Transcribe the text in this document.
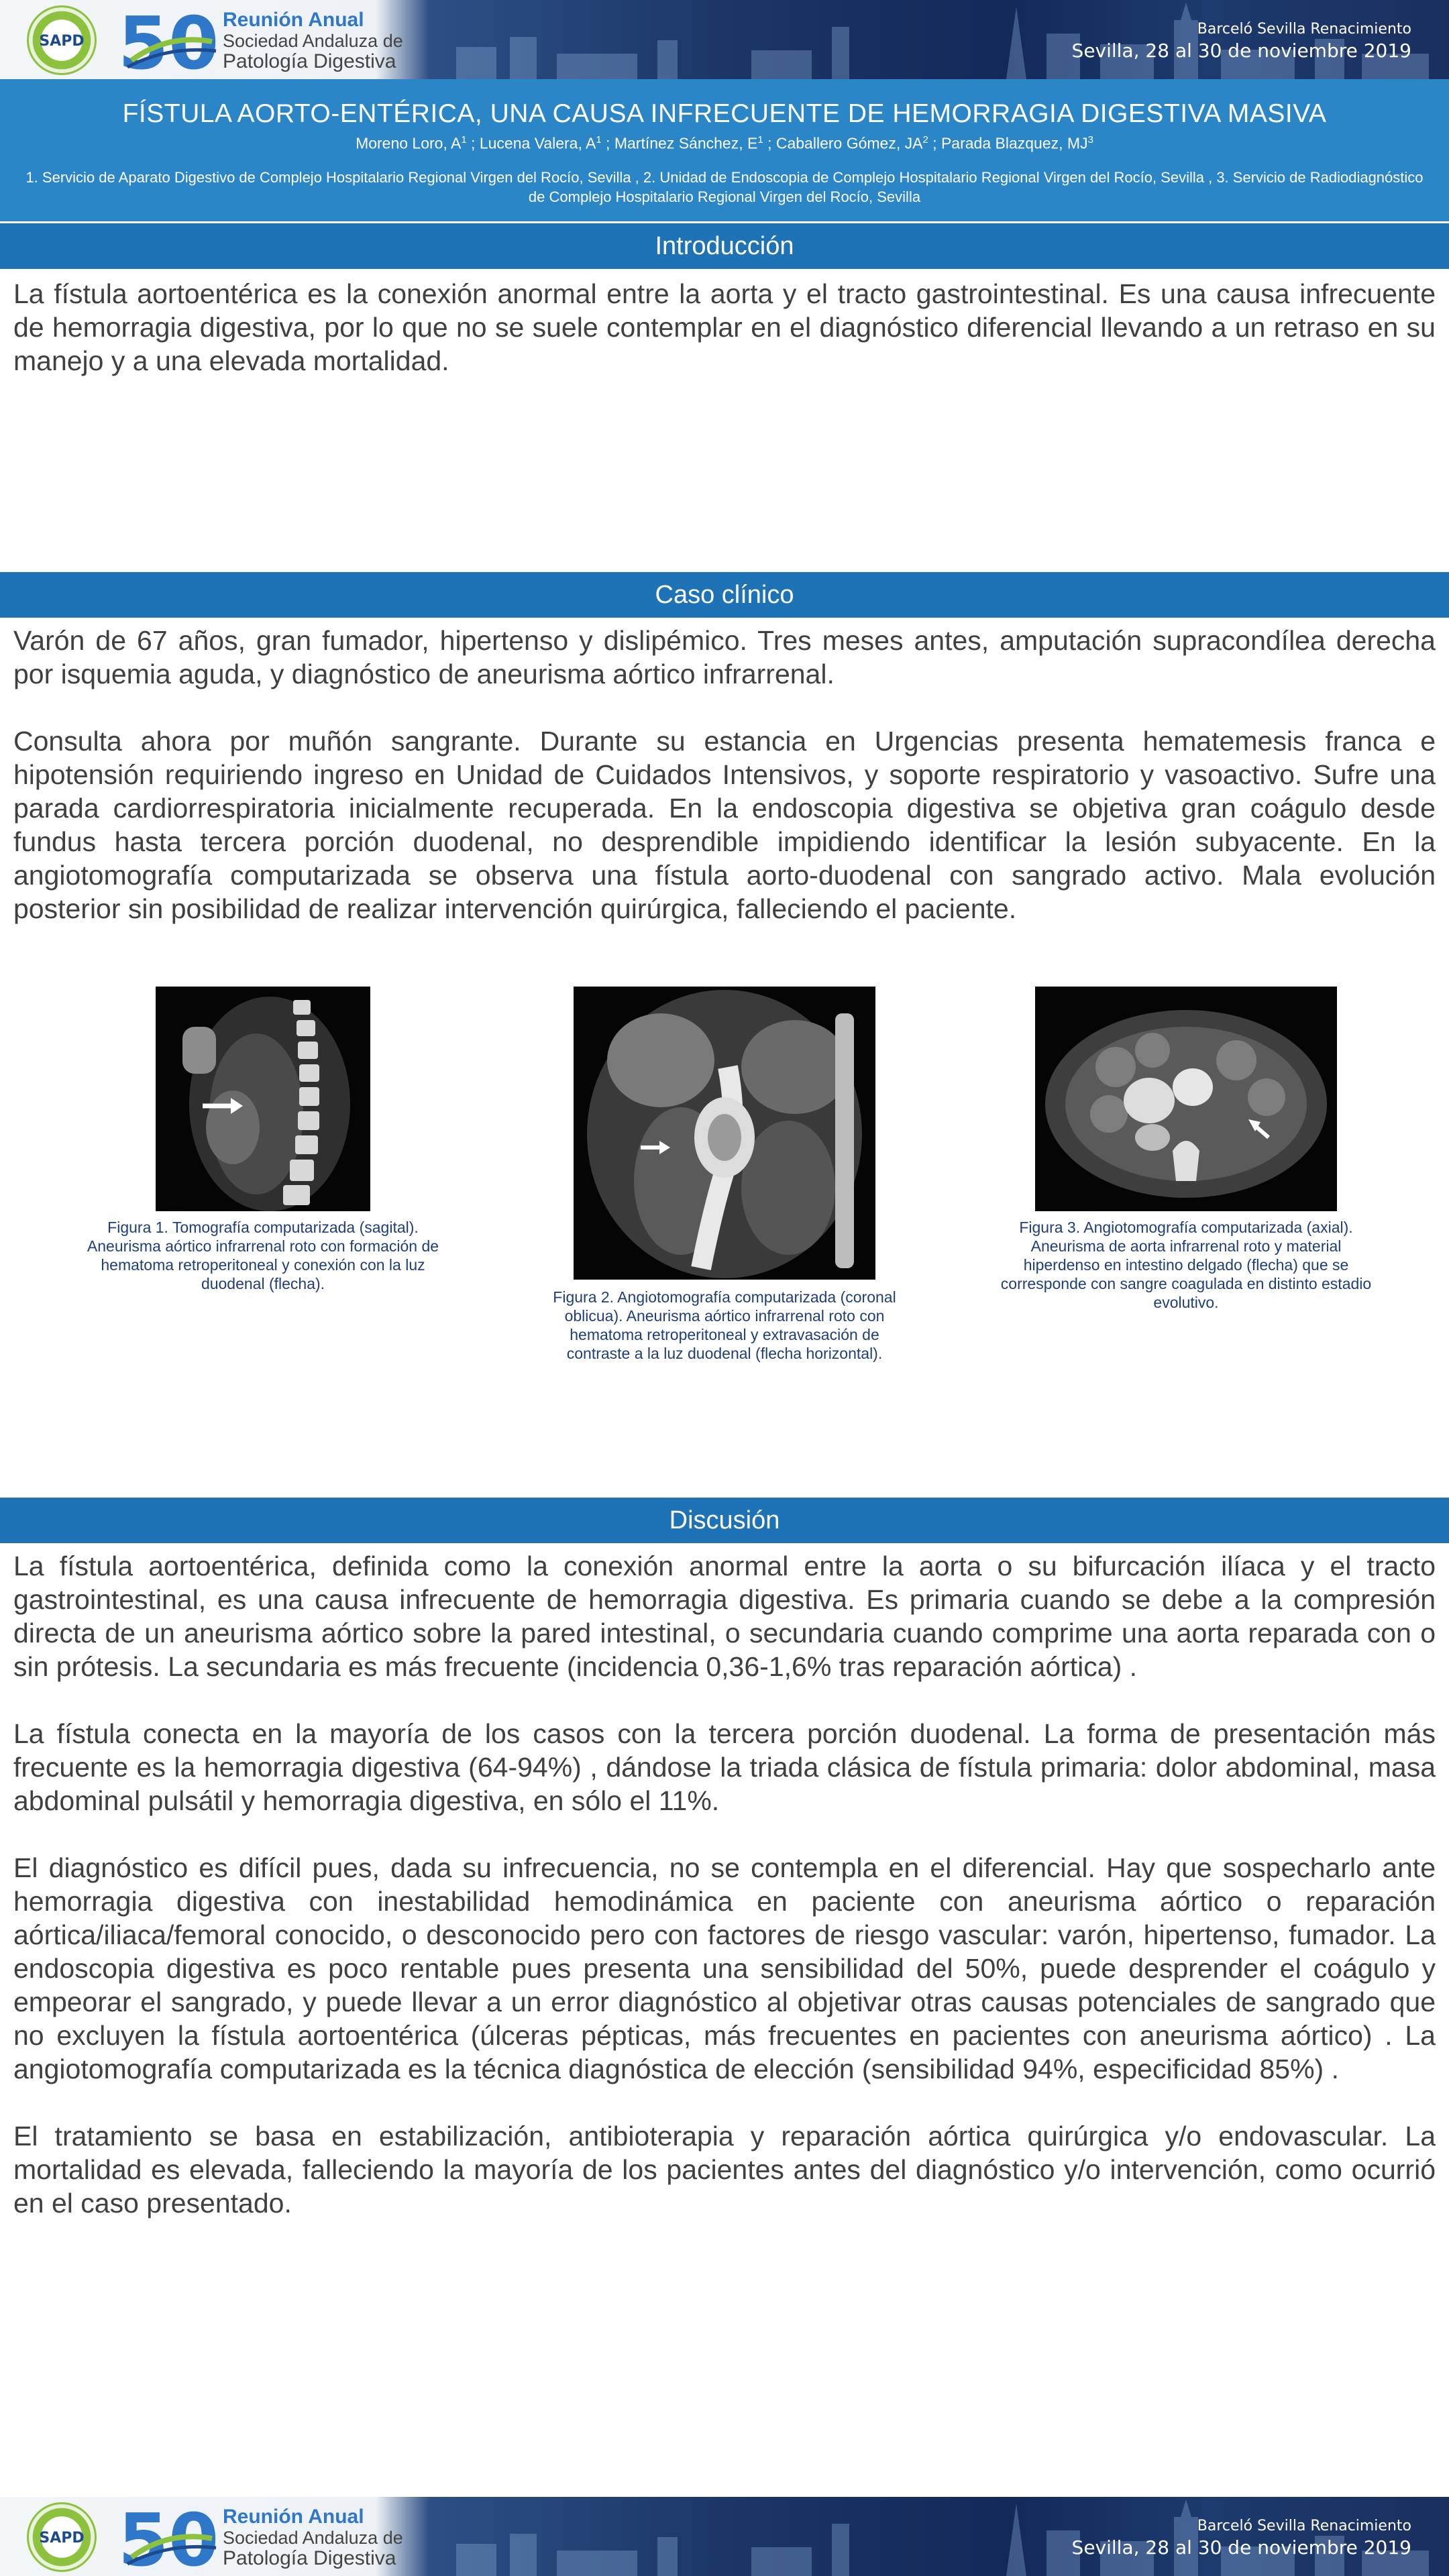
SAPD 50 Reunión Anual
Sociedad Andaluza de
Patología Digestiva
Barceló Sevilla Renacimiento
Sevilla, 28 al 30 de noviembre 2019
FÍSTULA AORTO-ENTÉRICA, UNA CAUSA INFRECUENTE DE HEMORRAGIA DIGESTIVA MASIVA
Moreno Loro, $A^1$ ; Lucena Valera, $A^1$ ; Martínez Sánchez, $E^1$ ; Caballero Gómez, $JA^2$ ; Parada Blazquez, $MJ^3$
1. Servicio de Aparato Digestivo de Complejo Hospitalario Regional Virgen del Rocío, Sevilla , 2. Unidad de Endoscopia de Complejo Hospitalario Regional Virgen del Rocío, Sevilla , 3. Servicio de Radiodiagnóstico de Complejo Hospitalario Regional Virgen del Rocío, Sevilla
Introducción

La fístula aortoentérica es la conexión anormal entre la aorta y el tracto gastrointestinal. Es una causa infrecuente de hemorragia digestiva, por lo que no se suele contemplar en el diagnóstico diferencial llevando a un retraso en su manejo y a una elevada mortalidad.

Caso clínico

Varón de 67 años, gran fumador, hipertenso y dislipémico. Tres meses antes, amputación supracondílea derecha por isquemia aguda, y diagnóstico de aneurisma aórtico infrarrenal.

Consulta ahora por muñón sangrante. Durante su estancia en Urgencias presenta hematemesis franca e hipotensión requiriendo ingreso en Unidad de Cuidados Intensivos, y soporte respiratorio y vasoactivo. Sufre una parada cardiorrespiratoria inicialmente recuperada. En la endoscopia digestiva se objetiva gran coágulo desde fundus hasta tercera porción duodenal, no desprendible impidiendo identificar la lesión subyacente. En la angiotomografía computarizada se observa una fístula aorto-duodenal con sangrado activo. Mala evolución posterior sin posibilidad de realizar intervención quirúrgica, falleciendo el paciente.

Figura 1. Tomografía computarizada (sagital). Aneurisma aórtico infrarrenal roto con formación de hematoma retroperitoneal y conexión con la luz duodenal (flecha).
Figura 2. Angiotomografía computarizada (coronal oblicua). Aneurisma aórtico infrarrenal roto con hematoma retroperitoneal y extravasación de contraste a la luz duodenal (flecha horizontal).
Figura 3. Angiotomografía computarizada (axial). Aneurisma de aorta infrarrenal roto y material hiperdenso en intestino delgado (flecha) que se corresponde con sangre coagulada en distinto estadio evolutivo.
Discusión

La fístula aortoentérica, definida como la conexión anormal entre la aorta o su bifurcación ilíaca y el tracto gastrointestinal, es una causa infrecuente de hemorragia digestiva. Es primaria cuando se debe a la compresión directa de un aneurisma aórtico sobre la pared intestinal, o secundaria cuando comprime una aorta reparada con o sin prótesis. La secundaria es más frecuente (incidencia 0,36-1,6% tras reparación aórtica) .

La fístula conecta en la mayoría de los casos con la tercera porción duodenal. La forma de presentación más frecuente es la hemorragia digestiva (64-94%) , dándose la triada clásica de fístula primaria: dolor abdominal, masa abdominal pulsátil y hemorragia digestiva, en sólo el 11%.

El diagnóstico es difícil pues, dada su infrecuencia, no se contempla en el diferencial. Hay que sospecharlo ante hemorragia digestiva con inestabilidad hemodinámica en paciente con aneurisma aórtico o reparación aórtica/iliaca/femoral conocido, o desconocido pero con factores de riesgo vascular: varón, hipertenso, fumador. La endoscopia digestiva es poco rentable pues presenta una sensibilidad del 50%, puede desprender el coágulo y empeorar el sangrado, y puede llevar a un error diagnóstico al objetivar otras causas potenciales de sangrado que no excluyen la fístula aortoentérica (úlceras pépticas, más frecuentes en pacientes con aneurisma aórtico) . La angiotomografía computarizada es la técnica diagnóstica de elección (sensibilidad 94%, especificidad 85%) .

El tratamiento se basa en estabilización, antibioterapia y reparación aórtica quirúrgica y/o endovascular. La mortalidad es elevada, falleciendo la mayoría de los pacientes antes del diagnóstico y/o intervención, como ocurrió en el caso presentado.

SAPD 50 Reunión Anual
Sociedad Andaluza de
Patología Digestiva
Barceló Sevilla Renacimiento
Sevilla, 28 al 30 de noviembre 2019
